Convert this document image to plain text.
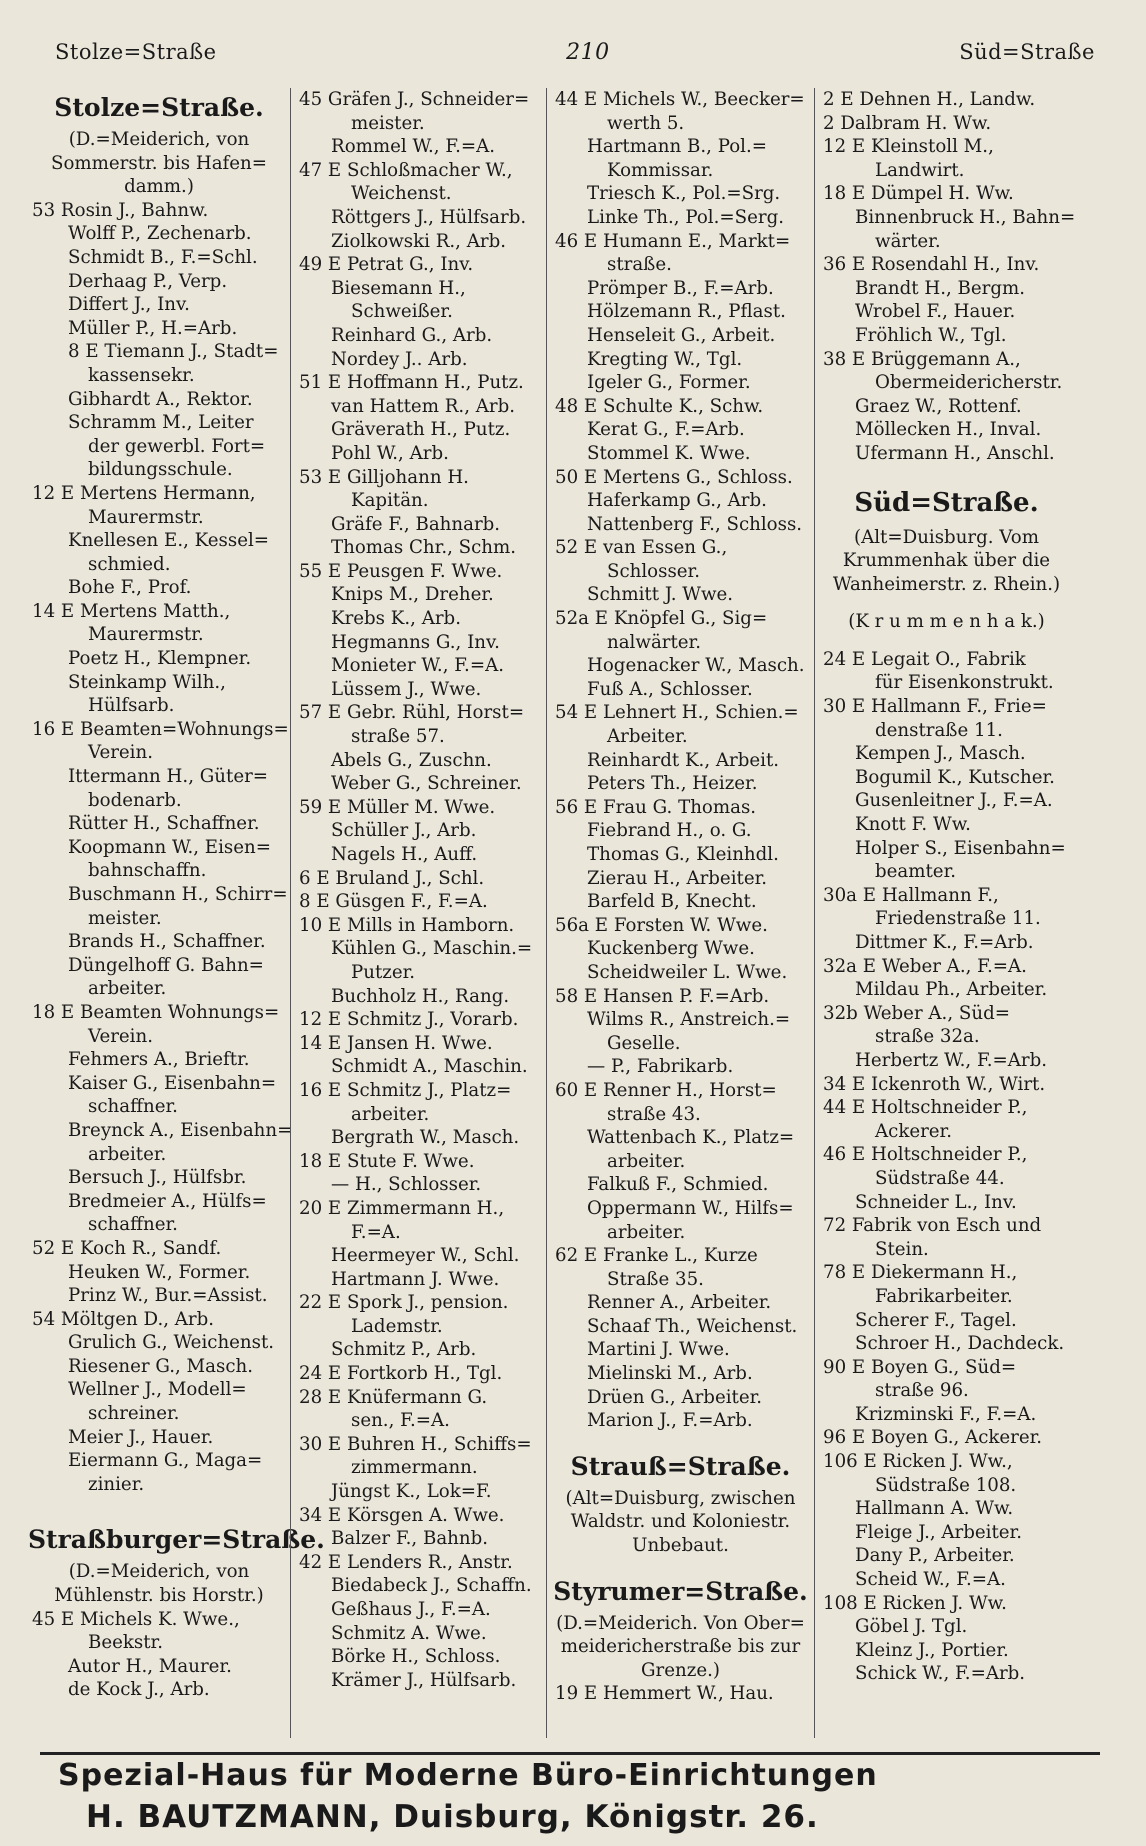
Stolze=Straße	210	Süd=Straße
Stolze=Straße.
(D.=Meiderich, von
Sommerstr. bis Hafen=
damm.)
53 Rosin J., Bahnw.
Wolff P., Zechenarb.
Schmidt B., F.=Schl.
Derhaag P., Verp.
Differt J., Inv.
Müller P., H.=Arb.
8 E Tiemann J., Stadt=
kassensekr.
Gibhardt A., Rektor.
Schramm M., Leiter
der gewerbl. Fort=
bildungsschule.
12 E Mertens Hermann,
Maurermstr.
Knellesen E., Kessel=
schmied.
Bohe F., Prof.
14 E Mertens Matth.,
Maurermstr.
Poetz H., Klempner.
Steinkamp Wilh.,
Hülfsarb.
16 E Beamten=Wohnungs=
Verein.
Ittermann H., Güter=
bodenarb.
Rütter H., Schaffner.
Koopmann W., Eisen=
bahnschaffn.
Buschmann H., Schirr=
meister.
Brands H., Schaffner.
Düngelhoff G. Bahn=
arbeiter.
18 E Beamten Wohnungs=
Verein.
Fehmers A., Brieftr.
Kaiser G., Eisenbahn=
schaffner.
Breynck A., Eisenbahn=
arbeiter.
Bersuch J., Hülfsbr.
Bredmeier A., Hülfs=
schaffner.
52 E Koch R., Sandf.
Heuken W., Former.
Prinz W., Bur.=Assist.
54 Möltgen D., Arb.
Grulich G., Weichenst.
Riesener G., Masch.
Wellner J., Modell=
schreiner.
Meier J., Hauer.
Eiermann G., Maga=
zinier.
Straßburger=Straße.
(D.=Meiderich, von
Mühlenstr. bis Horstr.)
45 E Michels K. Wwe.,
Beekstr.
Autor H., Maurer.
de Kock J., Arb.
45 Gräfen J., Schneider=
meister.
Rommel W., F.=A.
47 E Schloßmacher W.,
Weichenst.
Röttgers J., Hülfsarb.
Ziolkowski R., Arb.
49 E Petrat G., Inv.
Biesemann H.,
Schweißer.
Reinhard G., Arb.
Nordey J.. Arb.
51 E Hoffmann H., Putz.
van Hattem R., Arb.
Gräverath H., Putz.
Pohl W., Arb.
53 E Gilljohann H.
Kapitän.
Gräfe F., Bahnarb.
Thomas Chr., Schm.
55 E Peusgen F. Wwe.
Knips M., Dreher.
Krebs K., Arb.
Hegmanns G., Inv.
Monieter W., F.=A.
Lüssem J., Wwe.
57 E Gebr. Rühl, Horst=
straße 57.
Abels G., Zuschn.
Weber G., Schreiner.
59 E Müller M. Wwe.
Schüller J., Arb.
Nagels H., Auff.
6 E Bruland J., Schl.
8 E Güsgen F., F.=A.
10 E Mills in Hamborn.
Kühlen G., Maschin.=
Putzer.
Buchholz H., Rang.
12 E Schmitz J., Vorarb.
14 E Jansen H. Wwe.
Schmidt A., Maschin.
16 E Schmitz J., Platz=
arbeiter.
Bergrath W., Masch.
18 E Stute F. Wwe.
— H., Schlosser.
20 E Zimmermann H.,
F.=A.
Heermeyer W., Schl.
Hartmann J. Wwe.
22 E Spork J., pension.
Lademstr.
Schmitz P., Arb.
24 E Fortkorb H., Tgl.
28 E Knüfermann G.
sen., F.=A.
30 E Buhren H., Schiffs=
zimmermann.
Jüngst K., Lok=F.
34 E Körsgen A. Wwe.
Balzer F., Bahnb.
42 E Lenders R., Anstr.
Biedabeck J., Schaffn.
Geßhaus J., F.=A.
Schmitz A. Wwe.
Börke H., Schloss.
Krämer J., Hülfsarb.
44 E Michels W., Beecker=
werth 5.
Hartmann B., Pol.=
Kommissar.
Triesch K., Pol.=Srg.
Linke Th., Pol.=Serg.
46 E Humann E., Markt=
straße.
Prömper B., F.=Arb.
Hölzemann R., Pflast.
Henseleit G., Arbeit.
Kregting W., Tgl.
Igeler G., Former.
48 E Schulte K., Schw.
Kerat G., F.=Arb.
Stommel K. Wwe.
50 E Mertens G., Schloss.
Haferkamp G., Arb.
Nattenberg F., Schloss.
52 E van Essen G.,
Schlosser.
Schmitt J. Wwe.
52a E Knöpfel G., Sig=
nalwärter.
Hogenacker W., Masch.
Fuß A., Schlosser.
54 E Lehnert H., Schien.=
Arbeiter.
Reinhardt K., Arbeit.
Peters Th., Heizer.
56 E Frau G. Thomas.
Fiebrand H., o. G.
Thomas G., Kleinhdl.
Zierau H., Arbeiter.
Barfeld B, Knecht.
56a E Forsten W. Wwe.
Kuckenberg Wwe.
Scheidweiler L. Wwe.
58 E Hansen P. F.=Arb.
Wilms R., Anstreich.=
Geselle.
— P., Fabrikarb.
60 E Renner H., Horst=
straße 43.
Wattenbach K., Platz=
arbeiter.
Falkuß F., Schmied.
Oppermann W., Hilfs=
arbeiter.
62 E Franke L., Kurze
Straße 35.
Renner A., Arbeiter.
Schaaf Th., Weichenst.
Martini J. Wwe.
Mielinski M., Arb.
Drüen G., Arbeiter.
Marion J., F.=Arb.
Strauß=Straße.
(Alt=Duisburg, zwischen
Waldstr. und Koloniestr.
Unbebaut.
Styrumer=Straße.
(D.=Meiderich. Von Ober=
meidericherstraße bis zur
Grenze.)
19 E Hemmert W., Hau.
2 E Dehnen H., Landw.
2 Dalbram H. Ww.
12 E Kleinstoll M.,
Landwirt.
18 E Dümpel H. Ww.
Binnenbruck H., Bahn=
wärter.
36 E Rosendahl H., Inv.
Brandt H., Bergm.
Wrobel F., Hauer.
Fröhlich W., Tgl.
38 E Brüggemann A.,
Obermeidericherstr.
Graez W., Rottenf.
Möllecken H., Inval.
Ufermann H., Anschl.
Süd=Straße.
(Alt=Duisburg. Vom
Krummenhak über die
Wanheimerstr. z. Rhein.)
(K r u m m e n h a k.)
24 E Legait O., Fabrik
für Eisenkonstrukt.
30 E Hallmann F., Frie=
denstraße 11.
Kempen J., Masch.
Bogumil K., Kutscher.
Gusenleitner J., F.=A.
Knott F. Ww.
Holper S., Eisenbahn=
beamter.
30a E Hallmann F.,
Friedenstraße 11.
Dittmer K., F.=Arb.
32a E Weber A., F.=A.
Mildau Ph., Arbeiter.
32b Weber A., Süd=
straße 32a.
Herbertz W., F.=Arb.
34 E Ickenroth W., Wirt.
44 E Holtschneider P.,
Ackerer.
46 E Holtschneider P.,
Südstraße 44.
Schneider L., Inv.
72 Fabrik von Esch und
Stein.
78 E Diekermann H.,
Fabrikarbeiter.
Scherer F., Tagel.
Schroer H., Dachdeck.
90 E Boyen G., Süd=
straße 96.
Krizminski F., F.=A.
96 E Boyen G., Ackerer.
106 E Ricken J. Ww.,
Südstraße 108.
Hallmann A. Ww.
Fleige J., Arbeiter.
Dany P., Arbeiter.
Scheid W., F.=A.
108 E Ricken J. Ww.
Göbel J. Tgl.
Kleinz J., Portier.
Schick W., F.=Arb.
Spezial-Haus für Moderne Büro-Einrichtungen
H. BAUTZMANN, Duisburg, Königstr. 26.
